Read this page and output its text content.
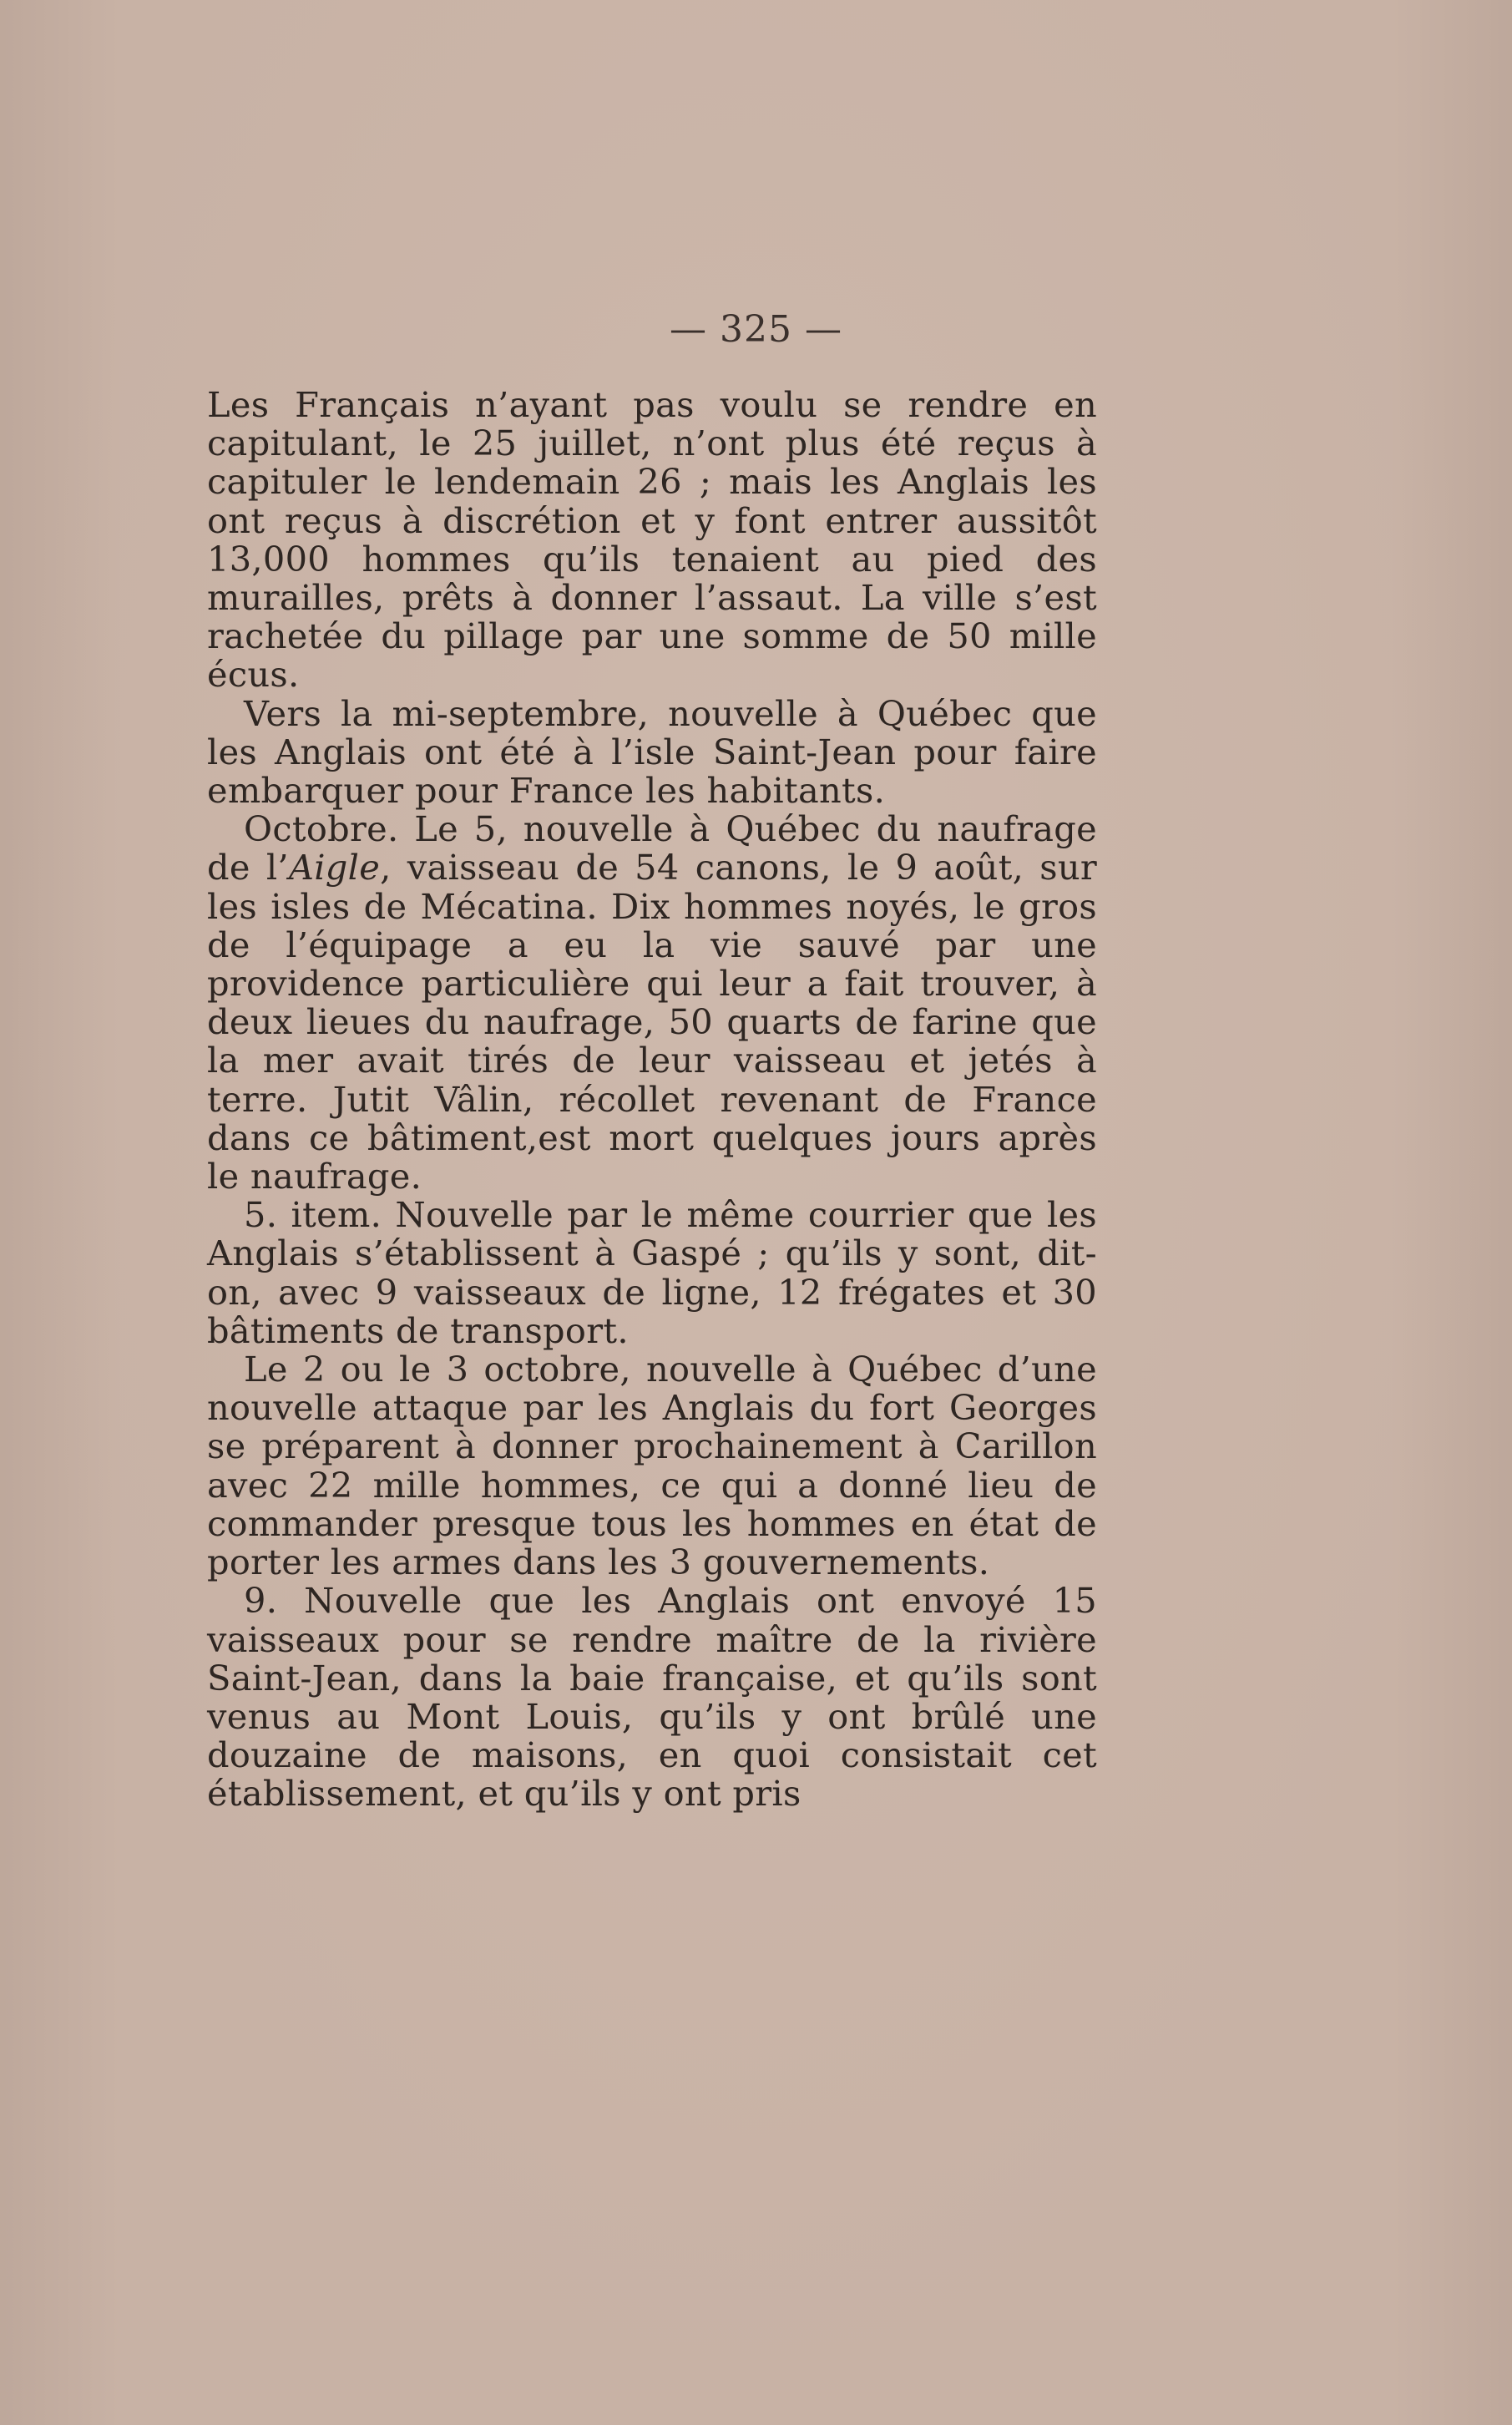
— 325 —

Les Français n’ayant pas voulu se rendre en capitulant, le 25 juillet, n’ont plus été reçus à capituler le lendemain 26 ; mais les Anglais les ont reçus à discrétion et y font entrer aussitôt 13,000 hommes qu’ils tenaient au pied des murailles, prêts à donner l’assaut. La ville s’est rachetée du pillage par une somme de 50 mille écus.

Vers la mi-septembre, nouvelle à Québec que les Anglais ont été à l’isle Saint-Jean pour faire embarquer pour France les habitants.

Octobre. Le 5, nouvelle à Québec du naufrage de l’Aigle, vaisseau de 54 canons, le 9 août, sur les isles de Mécatina. Dix hommes noyés, le gros de l’équipage a eu la vie sauvé par une providence particulière qui leur a fait trouver, à deux lieues du naufrage, 50 quarts de farine que la mer avait tirés de leur vaisseau et jetés à terre. Jutit Vâlin, récollet revenant de France dans ce bâtiment,est mort quelques jours après le naufrage.

5. item. Nouvelle par le même courrier que les Anglais s’établissent à Gaspé ; qu’ils y sont, dit-on, avec 9 vaisseaux de ligne, 12 frégates et 30 bâtiments de transport.

Le 2 ou le 3 octobre, nouvelle à Québec d’une nouvelle attaque par les Anglais du fort Georges se préparent à donner prochainement à Carillon avec 22 mille hommes, ce qui a donné lieu de commander presque tous les hommes en état de porter les armes dans les 3 gouvernements.

9. Nouvelle que les Anglais ont envoyé 15 vaisseaux pour se rendre maître de la rivière Saint-Jean, dans la baie française, et qu’ils sont venus au Mont Louis, qu’ils y ont brûlé une douzaine de maisons, en quoi consistait cet établissement, et qu’ils y ont pris
